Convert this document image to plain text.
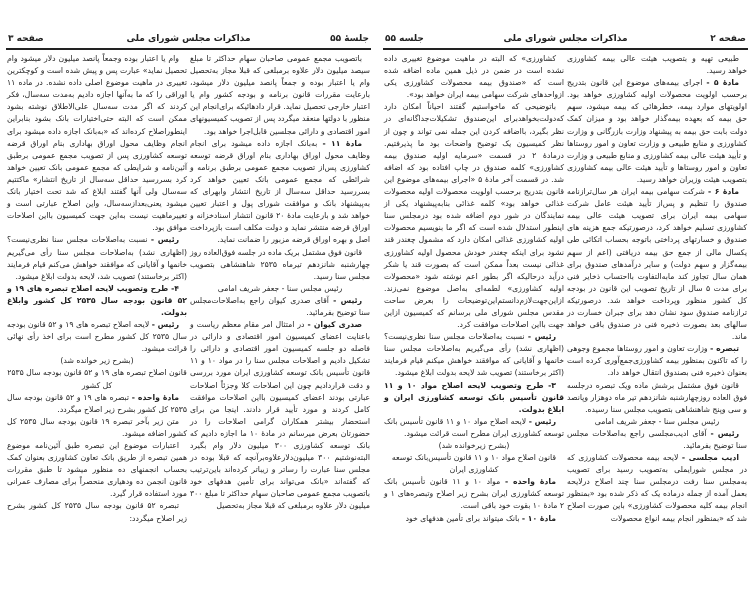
جلسهٔ ۵۵
مذاکرات مجلس شورای ملی
صفحه ۳

باتصویب مجمع عمومی صاحبان سهام حداکثر تا مبلغ سیصد میلیون دلار علاوه برمبلغی که قبلا مجاز به‌تحصیل وام یا اعتبار بوده و جمعاً پانصد میلیون دلار میشود، بارعایت مقررات قانون برنامه و بودجه کشور وام یا اعتبار خارجی تحصیل نماید. قرار دادهائیکه برای‌انجام این منظور با دولتها منعقد میگردد پس از تصویب کمیسیونهای امور اقتصادی و دارائی مجلسین قابل‌اجرا خواهد بود.

مادهٔ ۱۱ - به‌بانک اجازه داده میشود برای انجام وظایف محول اوراق بهاداری بنام اوراق قرضه توسعه کشاورزی پس‌از تصویب مجمع عمومی برطبق برنامه و شرائطی که مجمع عمومی بانک تعیین خواهد کرد بسررسید حداقل سه‌سال از تاریخ انتشار وابهرای که به‌پیشنهاد بانک و موافقت شورای پول و اعتبار تعیین خواهد شد و بارعایت مادهٔ ۲۰ قانون انتشار اسنادخزانه و اوراق قرضه منتشر نماید و دولت مکلف است بازپرداخت اصل و بهره اوراق قرضه مزبور را ضمانت نماید.

قانون فوق مشتمل بریک ماده در جلسه فوق‌العاده روز چهارشنبه شانزدهم تیرماه ۲۵۳۵ شاهنشاهی بتصویب مجلس سنا رسید.

رئیس مجلس سنا - جعفر شریف امامی

رئیس - آقای صدری کیوان راجع به‌اصلاحات‌مجلس سنا توضیح بفرمائید.

صدری کیوان - در امتثال امر مقام معظم ریاست و باعنایت اعضای کمیسیون امور اقتصادی و دارائی در فاصله دو جلسه کمیسیون امور اقتصادی و دارائی را تشکیل دادیم و اصلاحات مجلس سنا را در مواد ۱۰ و ۱۱ قانون تأسیس بانک توسعه کشاورزی ایران مورد بررسی و دقت قراردادیم چون این اصلاحات کلا وجزئاً اصلاحات عبارتی بودند اعضای کمیسیون بااین اصلاحات موافقت کامل کردند و مورد تأیید قرار دادند. اینجا من برای استحضار بیشتر همکاران گرامی اصلاحات را در حضورتان بعرض میرسانم در مادهٔ ۱۰ ما اجازه دادیم که بانک توسعه کشاورزی ۳۰۰ میلیون دلار وام بگیرد البته‌نوشتیم ۳۰۰ میلیون‌دلار‌علاوه‌برآنچه که قبلا بوده در مجلس سنا عبارت را رساتر و زیباتر کرده‌اند باین‌ترتیب که گفته‌اند «بانک می‌تواند برای تأمین هدفهای خود باتصویب مجمع عمومی صاحبان سهام حداکثر تا مبلغ ۳۰۰ میلیون دلار علاوه برمبلغی که قبلا مجاز به‌تحصیل

وام یا اعتبار بوده وجمعاً پانصد میلیون دلار میشود وام تحصیل نماید» عبارت پس و پیش شده است و کوچکترین تغییری در ماهیت موضوع اصلی داده نشده. در ماده ۱۱ اوراقی را که ما به‌آنها اجازه دادیم به‌مدت سه‌سال، فکر کردند که اگر مدت سه‌سال علی‌الاطلاق نوشته بشود ممکن است که البته حتی‌اختیارات بانک بشود بنابراین اینطوراصلاح کرده‌اند که «به‌بانک اجازه داده میشود برای انجام وظایف محول اوراق بهاداری بنام اوراق قرضه توسعه کشاورزی پس از تصویب مجمع عمومی برطبق آئین‌نامه و شرایطی که مجمع عمومی بانک تعیین خواهد کرد بسررسید حداقل سه‌سال از تاریخ انتشار» ماکتتیم سه‌سال ولی آنها گفتند ابلاغ که شد تحت اختیار بانک میشود یعنی‌بعدازسه‌سال، واین اصلاح عبارتی است و تغییرماهیت نیست به‌این جهت کمیسیون بااین اصلاحات موافق بود.

رئیس - نسبت به‌اصلاحات مجلس سنا نظری‌نیست؟ (اظهاری نشد) به‌اصلاحات مجلس سنا رأی می‌گیریم خانمها و آقایانی که موافقند خواهش می‌کنم قیام فرمایند (اکثر برخاستند) تصویب شد، لایحه بدولت ابلاغ میشود.

۴- طرح وتصویب لایحه اصلاح تبصره های ۱۹ و ۵۲ قانون بودجه سال ۲۵۳۵ کل کشور وابلاغ بدولت.

رئیس - لایحه اصلاح تبصره های ۱۹ و ۵۲ قانون بودجه سال ۲۵۳۵ کل کشور مطرح است برای اخذ رأی نهائی قرائت میشود.

(بشرح زیر خوانده شد)

قانون اصلاح تبصره های ۱۹ و ۵۲ قانون بودجه سال ۲۵۳۵ کل کشور

مادهٔ واحده - تبصره های ۱۹ و ۵۲ قانون بودجه سال ۲۵۳۵ کل کشور بشرح زیر اصلاح میگردد.

متن زیر بآخر تبصره ۱۹ قانون بودجه سال ۲۵۳۵ کل کشور اضافه میشود.

اعتبارات موضوع این تبصره طبق آئین‌نامه موضوع همین تبصره از طریق بانک تعاون کشاورزی بعنوان کمک بحساب انجمنهای ده منظور میشود تا طبق مقررات قانون انجمن ده ودهیاری منحصراً برای مصارف عمرانی مورد استفاده قرار گیرد.

تبصره ۵۲ قانون بودجه سال ۲۵۳۵ کل کشور بشرح زیر اصلاح میگردد:

صفحه ۲
مذاکرات مجلس شورای ملی
جلسه ۵۵

طبیعی تهیه و بتصویب هیئت عالی بیمه کشاورزی خواهد رسید.

مادهٔ ۵ - اجرای بیمه‌های موضوع این قانون بتدریج برحسب اولویت محصولات اولیه کشاورزی خواهد بود. اولویتهای موارد بیمه، خطرهائی که بیمه میشود، سهم حق بیمه که بعهده بیمه‌گذار خواهد بود و میزان کمک دولت بابت حق بیمه به پیشنهاد وزارت بازرگانی و وزارت کشاورزی و منابع طبیعی و وزارت تعاون و امور روستاها و تأیید هیئت عالی بیمه کشاورزی و منابع طبیعی و وزارت تعاون و امور روستاها و تأیید هیئت عالی بیمه کشاورزی بتصویب هیئت وزیران خواهد رسید.

مادهٔ ۶ - شرکت سهامی بیمه ایران هر سال‌ترازنامه صندوق را تنظیم و پس‌از تأیید هیئت عامل شرکت سهامی بیمه ایران برای تصویب هیئت عالی بیمه کشاورزی تسلیم خواهد کرد، درصورتیکه جمع هزینه های صندوق و خسارتهای پرداختی باتوجه بحساب اتکائی طی یکسال مالی از جمع حق بیمه دریافتی (اعم از سهم بیمه‌گزار و سهم دولت) و سایر درآمدهای صندوق برای همان سال تجاوز کند مابه‌التفاوت بااحتساب ذخایر فنی برای مدت ۵ سال از تاریخ تصویب این قانون در بودجه کل کشور منظور وپرداخت خواهد شد. درصورتیکه ترازنامه صندوق سود نشان دهد برای جبران خسارت در سالهای بعد بصورت ذخیره فنی در صندوق باقی خواهد ماند.

تبصره - وزارت تعاون و امور روستاها مجموع وجوهی را که تاکنون بمنظور بیمه کشاورزی‌جمع‌آوری کرده است بعنوان ذخیره فنی بصندوق انتقال خواهد داد.

قانون فوق مشتمل برشش ماده ویک تبصره درجلسه فوق العاده روزچهارشنبه شانزدهم تیر ماه دوهزار وپانصد و سی وپنج شاهنشاهی بتصویب مجلس سنا رسیده.

رئیس مجلس سنا - جعفر شریف امامی

رئیس - آقای ادیب‌مجلسی راجع به‌اصلاحات مجلس سنا توضیح بفرمائید.

ادیب مجلسی - لایحه بیمه محصولات کشاورزی که در مجلس شورایملی به‌تصویب رسید برای تصویب به‌مجلس سنا رفت درمجلس سنا چند اصلاح درلایحه بعمل آمده از جمله درماده یک که ذکر شده بود «بمنظور انجام بیمه کلیه محصولات کشاورزی» باین صورت اصلاح شد که «بمنظور انجام بیمه انواع محصولات

کشاورزی» که البته در ماهیت موضوع تغییری داده نشده است در ضمن در ذیل همین ماده اضافه شده است که «صندوق بیمه محصولات کشاورزی یکی ازواحدهای شرکت سهامی بیمه ایران خواهد بود».

باتوضیحی که ماخواستیم گفتند احیاناً امکان دارد که‌دولت‌بخواهدبرای این‌صندوق تشکیلات‌جداگانه‌ای در نظر بگیرد، بااضافه کردن این جمله نمی تواند و چون از نظر کمیسیون یک توضیح واضحات بود ما پذیرفتیم. درمادهٔ ۲ در قسمت «سرمایه اولیه صندوق بیمه کشاورزی» کلمه صندوق در چاپ افتاده بود که اضافه شد. در قسمت آخر مادهٔ ۵ «اجرای بیمه‌های موضوع این قانون بتدریج برحسب اولویت محصولات اولیه محصولات غذائی خواهد بود» کلمه غذائی بنابه‌پیشنهاد یکی از نمایندگان در شور دوم اضافه شده بود درمجلس سنا اینطور استدلال شده است که اگر ما بنویسیم محصولات اولیه کشاورزی غذائی امکان دارد که مشمول چغندر قند نشود برای اینکه چغندر خودش محصول اولیه کشاورزی غذائی نیست بعداً ممکن است که بصورت قند یا شکر درآید درحالیکه اگر بطور اعم نوشته شود «محصولات اولیه کشاورزی» لطمه‌ای به‌اصل موضوع نمی‌زند. ازاین‌جهت‌لازم‌دانستم‌این‌توضیحات را بعرض ساحت مقدس مجلس شورای ملی برسانم که کمیسیون ازاین جهت بااین اصلاحات موافقت کرد.

رئیس - نسبت به‌اصلاحات مجلس سنا نظری‌نیست؟ (اظهاری نشد) رأی می‌گیریم به‌اصلاحات مجلس سنا خانمها و آقایانی که موافقند خواهش میکنم قیام فرمایند (اکثر برخاستند) تصویب شد لایحه بدولت ابلاغ میشود.

۳- طرح وتصویب لایحه اصلاح مواد ۱۰ و ۱۱ قانون تأسیس بانک توسعه کشاورزی ایران و ابلاغ بدولت.

رئیس - لایحه اصلاح مواد ۱۰ و ۱۱ قانون تأسیس بانک توسعه کشاورزی ایران مطرح است قرائت میشود.

(بشرح زیرخوانده شد)

قانون اصلاح مواد ۱۰ و ۱۱ قانون تأسیس‌بانک توسعه کشاورزی ایران

مادهٔ واحده - مواد ۱۰ و ۱۱ قانون تأسیس بانک توسعه کشاورزی ایران بشرح زیر اصلاح وتبصره‌های ۱ و ۲ مادهٔ ۱۰ بقوت خود باقی است.

مادهٔ ۱۰ - بانک میتواند برای تأمین هدفهای خود
